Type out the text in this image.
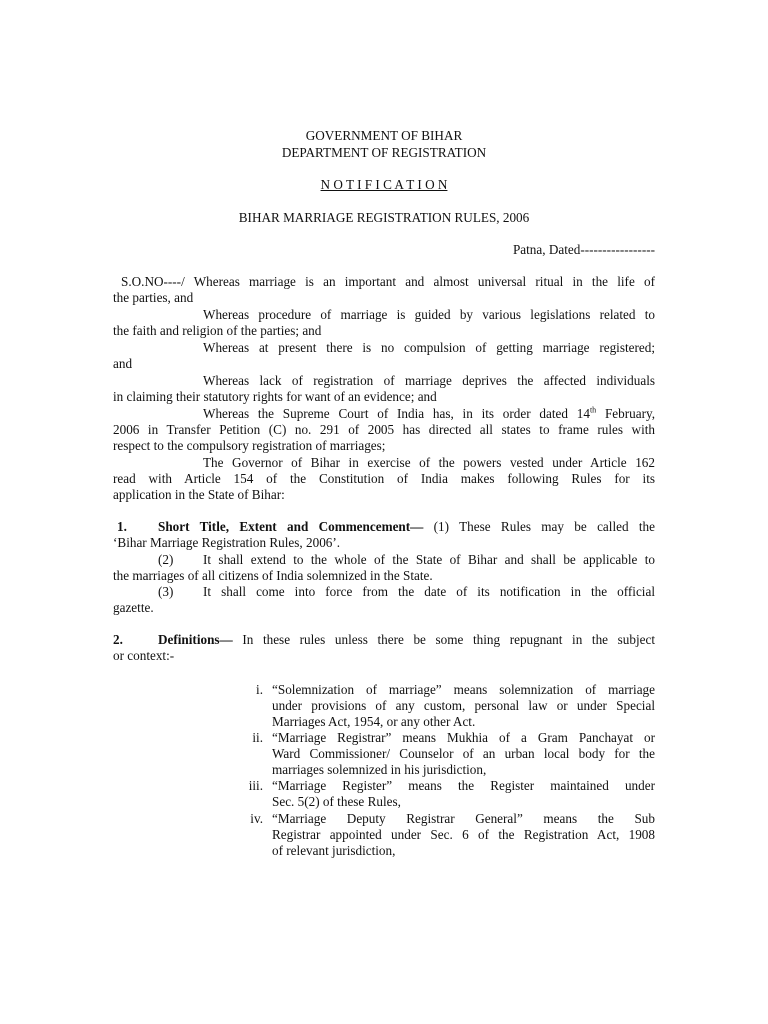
GOVERNMENT OF BIHAR
DEPARTMENT OF REGISTRATION
N O T I F I C A T I O N
BIHAR MARRIAGE REGISTRATION RULES, 2006
Patna, Dated-----------------
S.O.NO----/ Whereas marriage is an important and almost universal ritual in the life of
the parties, and
Whereas procedure of marriage is guided by various legislations related to
the faith and religion of the parties; and
Whereas at present there is no compulsion of getting marriage registered;
and
Whereas lack of registration of marriage deprives the affected individuals
in claiming their statutory rights for want of an evidence; and
Whereas the Supreme Court of India has, in its order dated 14th February,
2006 in Transfer Petition (C) no. 291 of 2005 has directed all states to frame rules with
respect to the compulsory registration of marriages;
The Governor of Bihar in exercise of the powers vested under Article 162
read with Article 154 of the Constitution of India makes following Rules for its
application in the State of Bihar:
1. Short Title, Extent and Commencement— (1) These Rules may be called the
‘Bihar Marriage Registration Rules, 2006’.
(2) It shall extend to the whole of the State of Bihar and shall be applicable to
the marriages of all citizens of India solemnized in the State.
(3) It shall come into force from the date of its notification in the official
gazette.
2.	Definitions— In these rules unless there be some thing repugnant in the subject
or context:-
i. “Solemnization of marriage” means solemnization of marriage
under provisions of any custom, personal law or under Special
Marriages Act, 1954, or any other Act.
ii. “Marriage Registrar” means Mukhia of a Gram Panchayat or
Ward Commissioner/ Counselor of an urban local body for the
marriages solemnized in his jurisdiction,
iii. “Marriage Register” means the Register maintained under
Sec. 5(2) of these Rules,
iv. “Marriage Deputy Registrar General” means the Sub
Registrar appointed under Sec. 6 of the Registration Act, 1908
of relevant jurisdiction,
